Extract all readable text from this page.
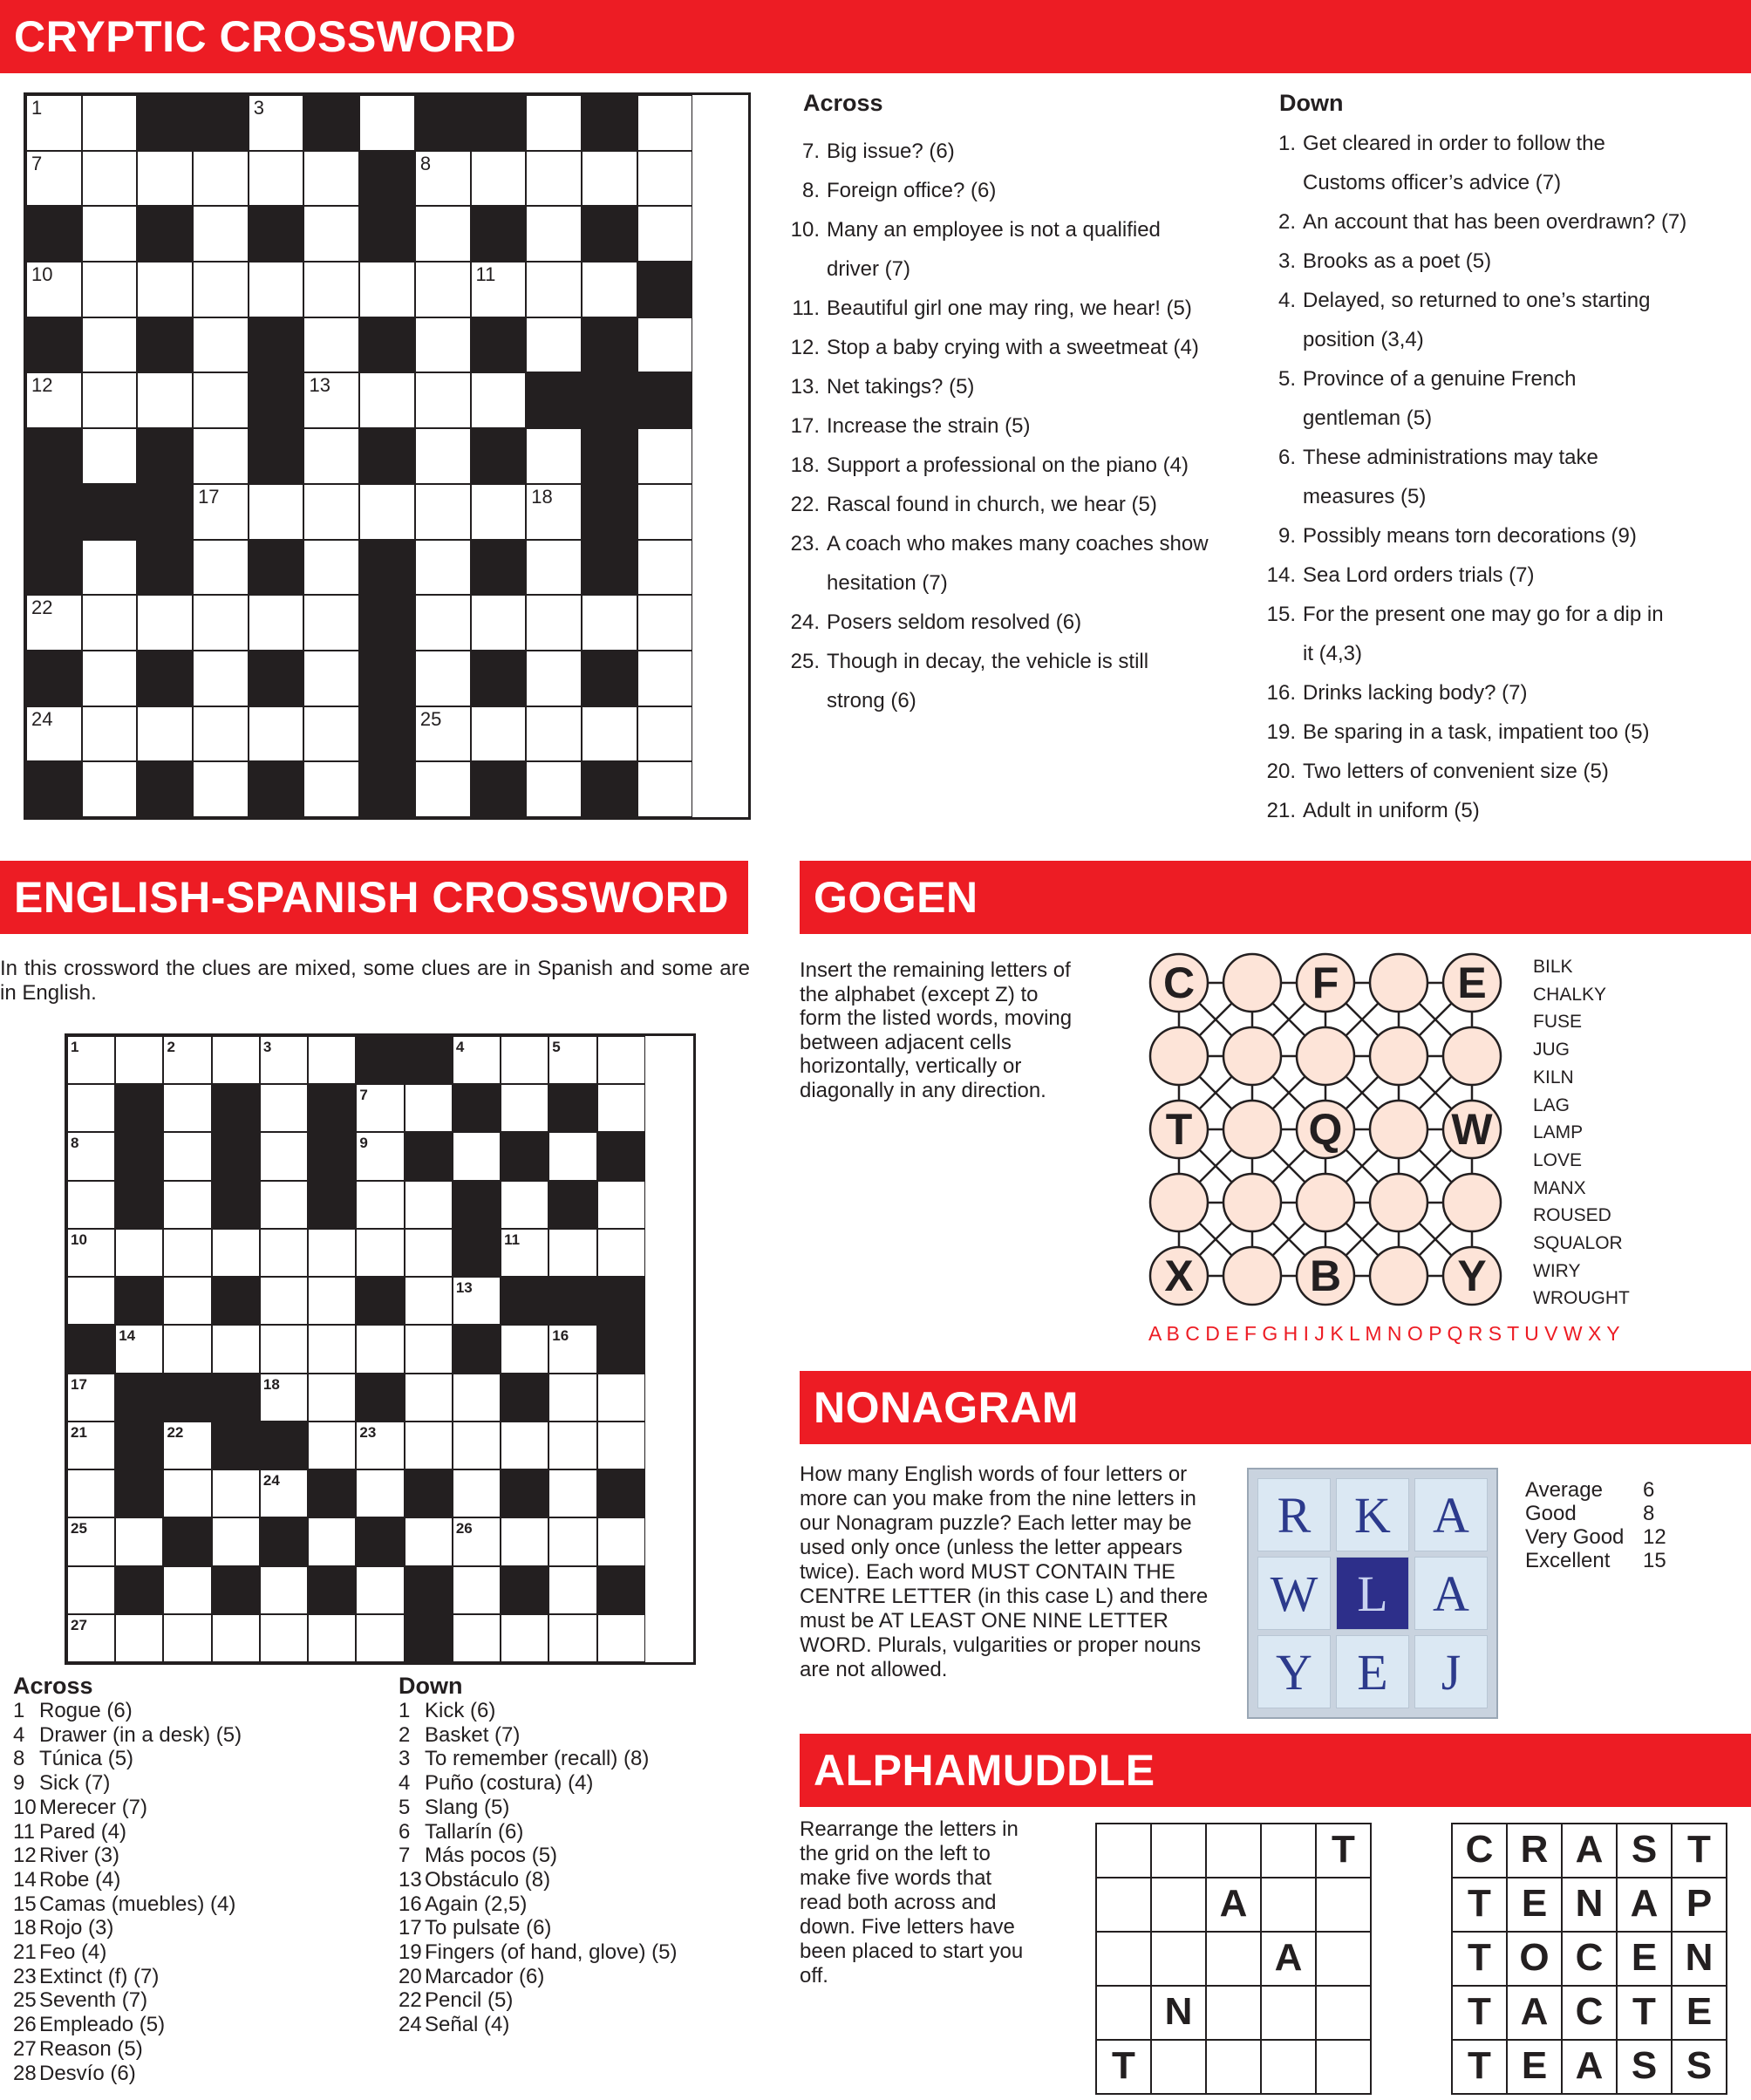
CRYPTIC CROSSWORD
1	3
7	8
10	11
12	13
17	18
22
24	25
Across
7. Big issue? (6)
8. Foreign office? (6)
10. Many an employee is not a qualified
driver (7)
11. Beautiful girl one may ring, we hear! (5)
12. Stop a baby crying with a sweetmeat (4)
13. Net takings? (5)
17. Increase the strain (5)
18. Support a professional on the piano (4)
22. Rascal found in church, we hear (5)
23. A coach who makes many coaches show
hesitation (7)
24. Posers seldom resolved (6)
25. Though in decay, the vehicle is still
strong (6)
Down
1. Get cleared in order to follow the
Customs officer’s advice (7)
2. An account that has been overdrawn? (7)
3. Brooks as a poet (5)
4. Delayed, so returned to one’s starting
position (3,4)
5. Province of a genuine French
gentleman (5)
6. These administrations may take
measures (5)
9. Possibly means torn decorations (9)
14. Sea Lord orders trials (7)
15. For the present one may go for a dip in
it (4,3)
16. Drinks lacking body? (7)
19. Be sparing in a task, impatient too (5)
20. Two letters of convenient size (5)
21. Adult in uniform (5)
ENGLISH-SPANISH CROSSWORD
In this crossword the clues are mixed, some clues are in Spanish and some are in English.
1	2	3	4	5
7
8	9
10	11
13
14	16
17	18
21	22	23
24
25	26
27
Across
1 Rogue (6)
4 Drawer (in a desk) (5)
8 Túnica (5)
9 Sick (7)
10 Merecer (7)
11 Pared (4)
12 River (3)
14 Robe (4)
15 Camas (muebles) (4)
18 Rojo (3)
21 Feo (4)
23 Extinct (f) (7)
25 Seventh (7)
26 Empleado (5)
27 Reason (5)
28 Desvío (6)
Down
1 Kick (6)
2 Basket (7)
3 To remember (recall) (8)
4 Puño (costura) (4)
5 Slang (5)
6 Tallarín (6)
7 Más pocos (5)
13 Obstáculo (8)
16 Again (2,5)
17 To pulsate (6)
19 Fingers (of hand, glove) (5)
20 Marcador (6)
22 Pencil (5)
24 Señal (4)
GOGEN
Insert the remaining letters of the alphabet (except Z) to form the listed words, moving between adjacent cells horizontally, vertically or diagonally in any direction.
C	F	E
T	Q W
X	B	Y
BILK
CHALKY
FUSE
JUG
KILN
LAG
LAMP
LOVE
MANX
ROUSED
SQUALOR
WIRY
WROUGHT
A B C D E F G H I J K L M N O P Q R S T U V W X Y
NONAGRAM
How many English words of four letters or more can you make from the nine letters in our Nonagram puzzle? Each letter may be used only once (unless the letter appears twice). Each word MUST CONTAIN THE CENTRE LETTER (in this case L) and there must be AT LEAST ONE NINE LETTER WORD. Plurals, vulgarities or proper nouns are not allowed.
R K A
W L A
Y E	J
Average	6
Good	8
Very Good 12
Excellent	15
ALPHAMUDDLE
Rearrange the letters in the grid on the left to make five words that read both across and down. Five letters have been placed to start you off.
T
A
A
N
T
C R A S T
T E N A P
T O C E N
T A C T E
T E A S S
